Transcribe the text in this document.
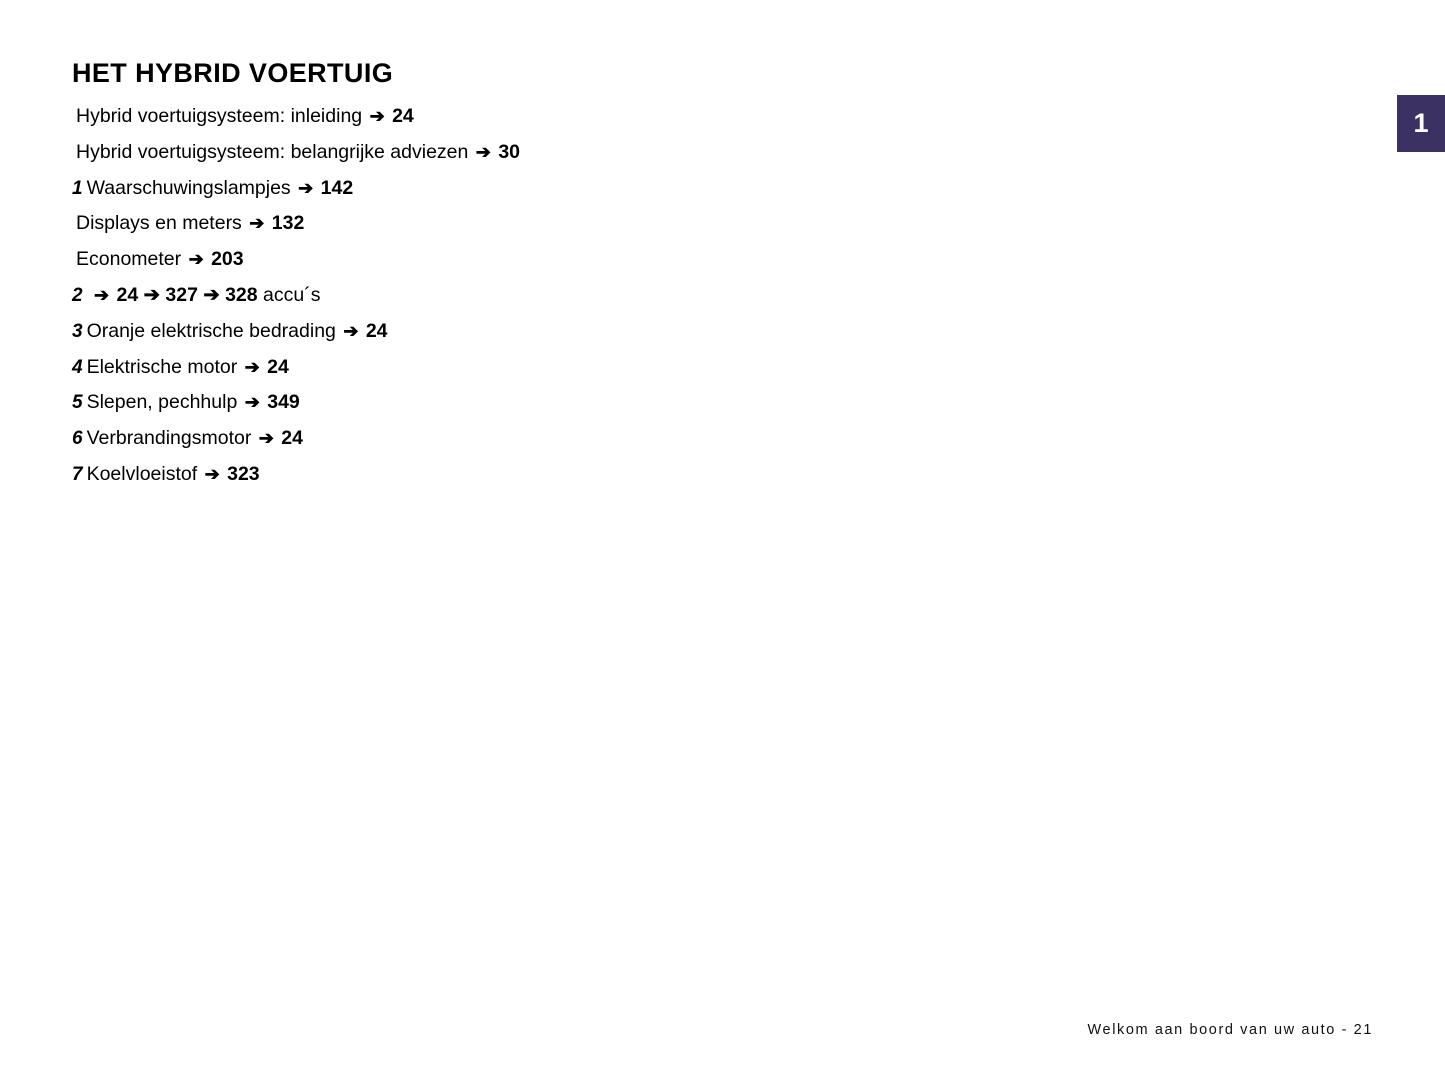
1
HET HYBRID VOERTUIG
Hybrid voertuigsysteem: inleiding ➔ 24
Hybrid voertuigsysteem: belangrijke adviezen ➔ 30
1 Waarschuwingslampjes ➔ 142
Displays en meters ➔ 132
Econometer ➔ 203
2 ➔ 24 ➔ 327 ➔ 328 accu´s
3 Oranje elektrische bedrading ➔ 24
4 Elektrische motor ➔ 24
5 Slepen, pechhulp ➔ 349
6 Verbrandingsmotor ➔ 24
7 Koelvloeistof ➔ 323
Welkom aan boord van uw auto - 21
